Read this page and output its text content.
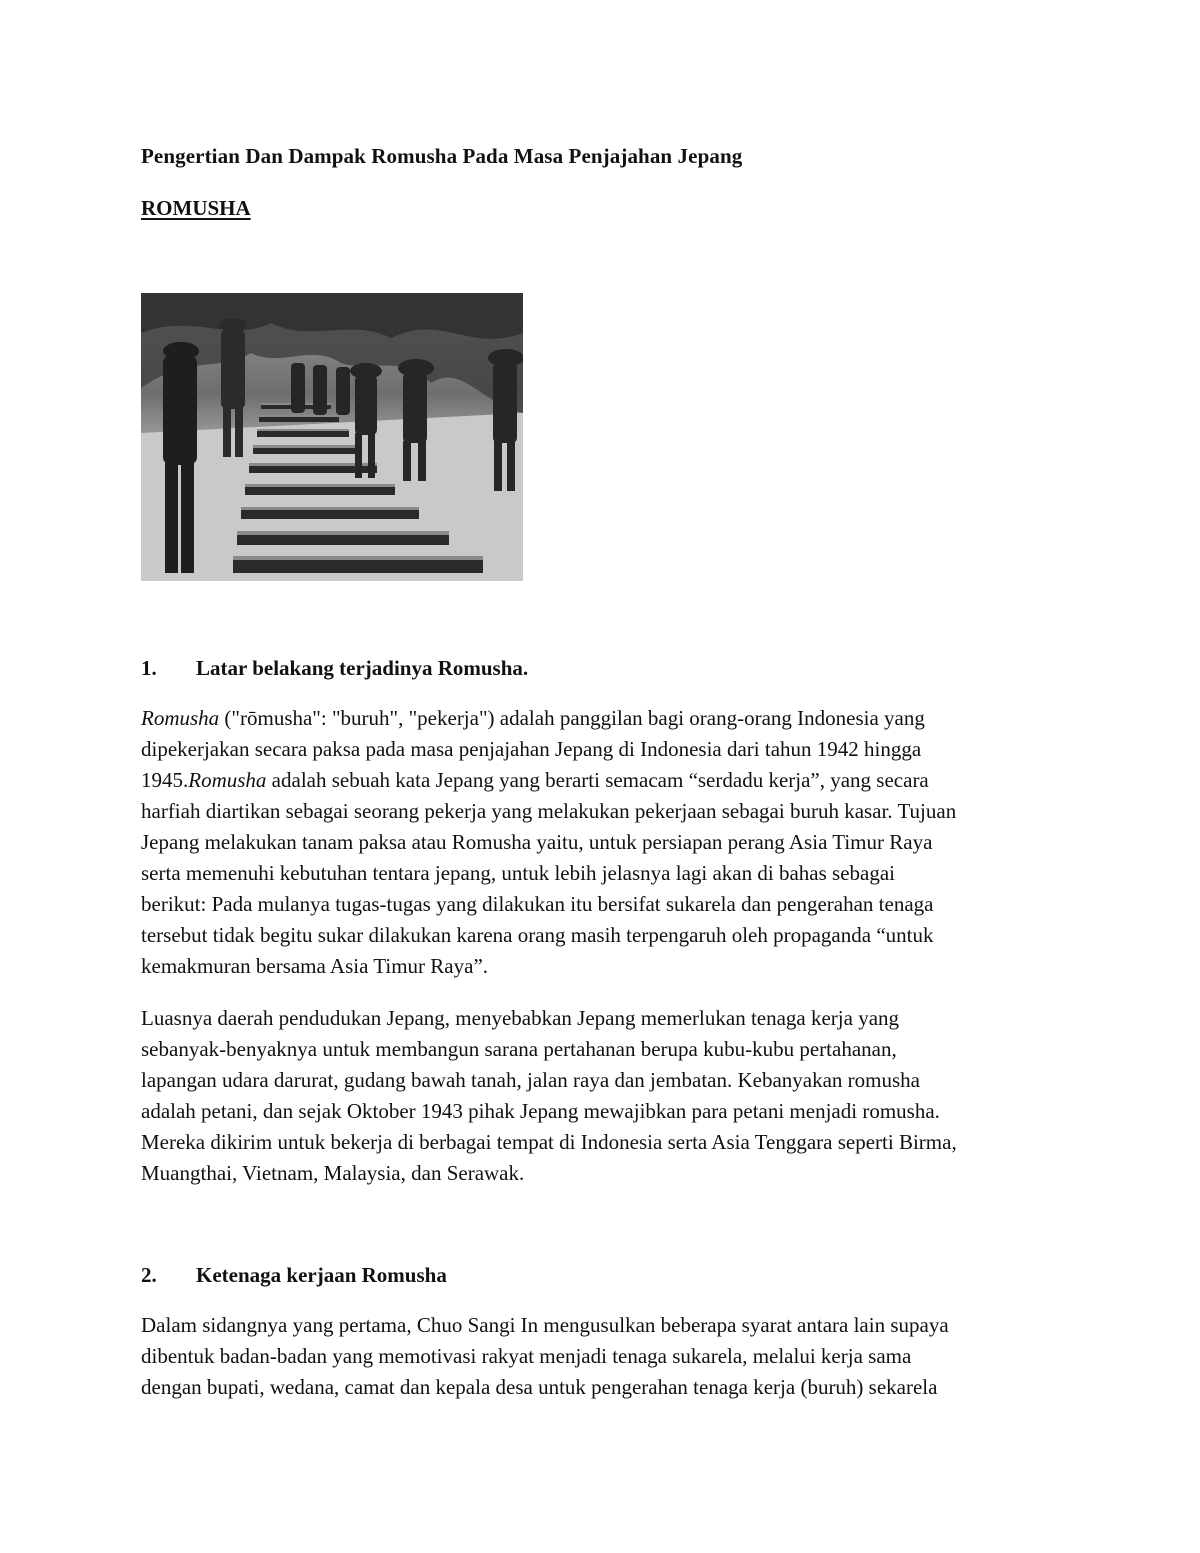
Pengertian Dan Dampak Romusha Pada Masa Penjajahan Jepang
ROMUSHA
1. Latar belakang terjadinya Romusha.
Romusha ("rōmusha": "buruh", "pekerja") adalah panggilan bagi orang-orang Indonesia yang
dipekerjakan secara paksa pada masa penjajahan Jepang di Indonesia dari tahun 1942 hingga
1945.Romusha adalah sebuah kata Jepang yang berarti semacam “serdadu kerja”, yang secara
harfiah diartikan sebagai seorang pekerja yang melakukan pekerjaan sebagai buruh kasar. Tujuan
Jepang melakukan tanam paksa atau Romusha yaitu, untuk persiapan perang Asia Timur Raya
serta memenuhi kebutuhan tentara jepang, untuk lebih jelasnya lagi akan di bahas sebagai
berikut: Pada mulanya tugas-tugas yang dilakukan itu bersifat sukarela dan pengerahan tenaga
tersebut tidak begitu sukar dilakukan karena orang masih terpengaruh oleh propaganda “untuk
kemakmuran bersama Asia Timur Raya”.
Luasnya daerah pendudukan Jepang, menyebabkan Jepang memerlukan tenaga kerja yang
sebanyak-benyaknya untuk membangun sarana pertahanan berupa kubu-kubu pertahanan,
lapangan udara darurat, gudang bawah tanah, jalan raya dan jembatan. Kebanyakan romusha
adalah petani, dan sejak Oktober 1943 pihak Jepang mewajibkan para petani menjadi romusha.
Mereka dikirim untuk bekerja di berbagai tempat di Indonesia serta Asia Tenggara seperti Birma,
Muangthai, Vietnam, Malaysia, dan Serawak.
2. Ketenaga kerjaan Romusha
Dalam sidangnya yang pertama, Chuo Sangi In mengusulkan beberapa syarat antara lain supaya
dibentuk badan-badan yang memotivasi rakyat menjadi tenaga sukarela, melalui kerja sama
dengan bupati, wedana, camat dan kepala desa untuk pengerahan tenaga kerja (buruh) sekarela
